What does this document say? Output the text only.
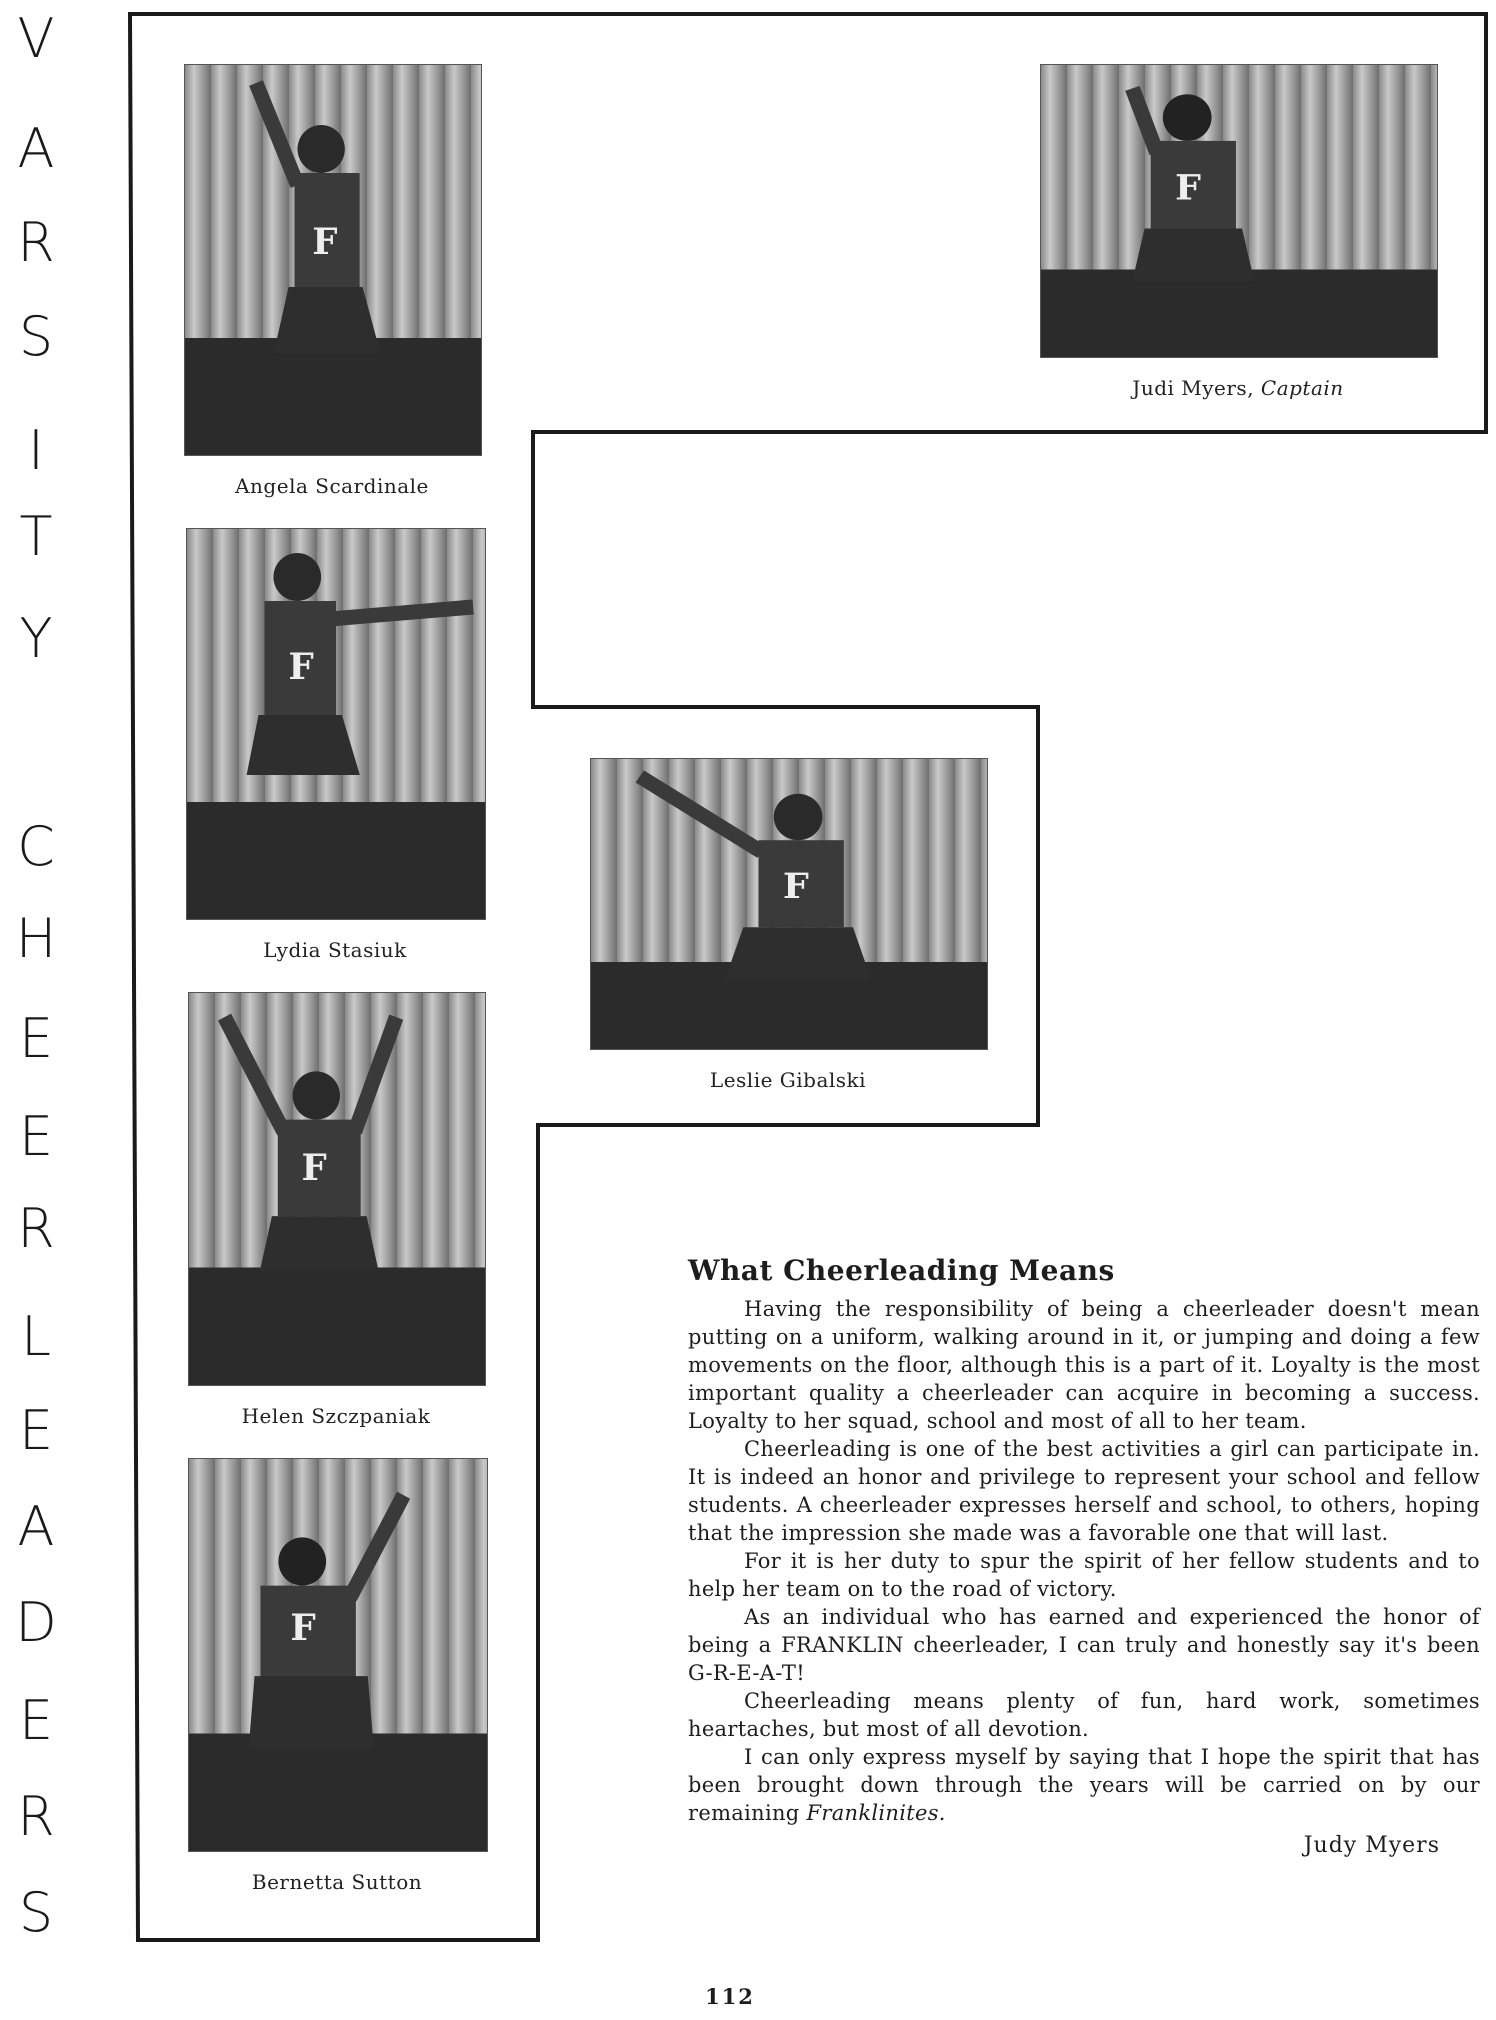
V
A
R
S
I
T
Y
C
H
E
E
R
L
E
A
D
E
R
S
F
Angela Scardinale
F
Lydia Stasiuk
F
Helen Szczpaniak
F
Bernetta Sutton
F
Leslie Gibalski
F
Judi Myers, Captain
What Cheerleading Means

Having the responsibility of being a cheerleader doesn't mean putting on a uniform, walking around in it, or jumping and doing a few movements on the floor, although this is a part of it. Loyalty is the most important quality a cheerleader can acquire in becoming a success. Loyalty to her squad, school and most of all to her team.

Cheerleading is one of the best activities a girl can participate in. It is indeed an honor and privilege to represent your school and fellow students. A cheerleader expresses herself and school, to others, hoping that the impression she made was a favorable one that will last.

For it is her duty to spur the spirit of her fellow students and to help her team on to the road of victory.

As an individual who has earned and experienced the honor of being a FRANKLIN cheerleader, I can truly and honestly say it's been G-R-E-A-T!

Cheerleading means plenty of fun, hard work, sometimes heartaches, but most of all devotion.

I can only express myself by saying that I hope the spirit that has been brought down through the years will be carried on by our remaining Franklinites.

Judy Myers
112
